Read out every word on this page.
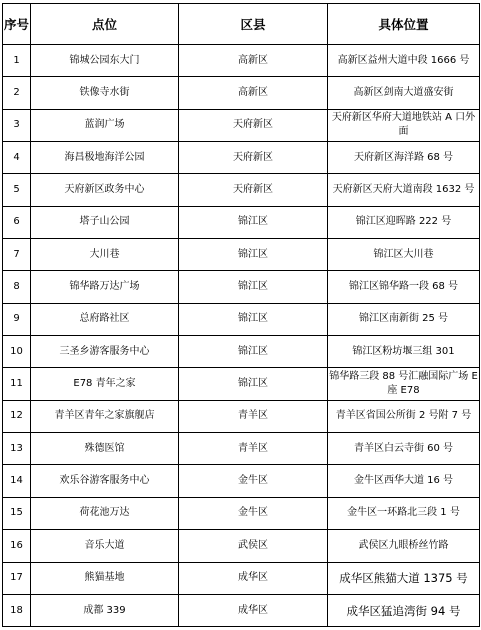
序号	点位	区县	具体位置
1	锦城公园东大门	高新区	高新区益州大道中段 1666 号
2	铁像寺水街	高新区	高新区剑南大道盛安街
3	蓝润广场	天府新区	天府新区华府大道地铁站 A 口外面
4	海昌极地海洋公园	天府新区	天府新区海洋路 68 号
5	天府新区政务中心	天府新区	天府新区天府大道南段 1632 号
6	塔子山公园	锦江区	锦江区迎晖路 222 号
7	大川巷	锦江区	锦江区大川巷
8	锦华路万达广场	锦江区	锦江区锦华路一段 68 号
9	总府路社区	锦江区	锦江区南新街 25 号
10	三圣乡游客服务中心	锦江区	锦江区粉坊堰三组 301
11	E78 青年之家	锦江区	锦华路三段 88 号汇融国际广场 E 座 E78
12	青羊区青年之家旗舰店	青羊区	青羊区省国公所街 2 号附 7 号
13	殊德医馆	青羊区	青羊区白云寺街 60 号
14	欢乐谷游客服务中心	金牛区	金牛区西华大道 16 号
15	荷花池万达	金牛区	金牛区一环路北三段 1 号
16	音乐大道	武侯区	武侯区九眼桥丝竹路
17	熊猫基地	成华区	成华区熊猫大道 1375 号
18	成都 339	成华区	成华区猛追湾街 94 号
